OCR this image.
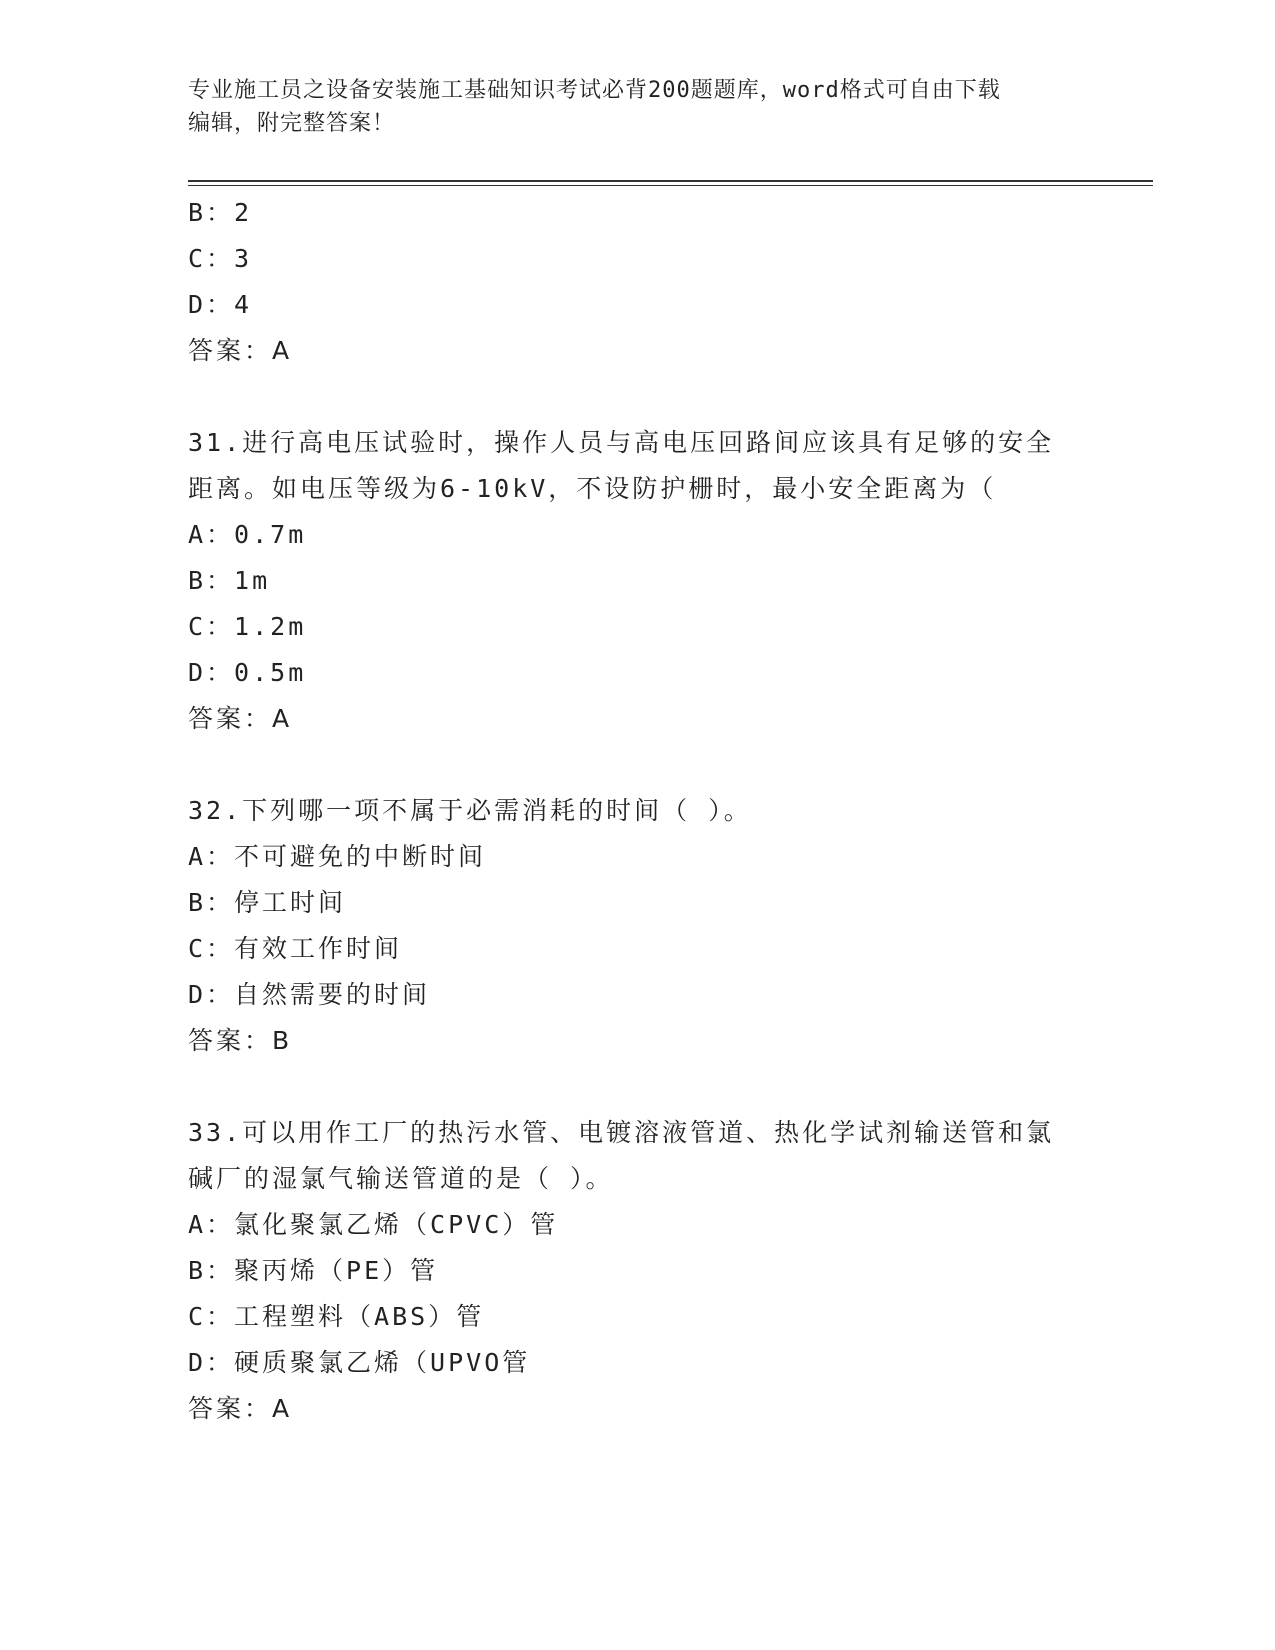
专业施工员之设备安装施工基础知识考试必背200题题库，word格式可自由下载
编辑，附完整答案！
B：2
C：3
D：4
答案：A
31.进行高电压试验时，操作人员与高电压回路间应该具有足够的安全
距离。如电压等级为6-10kV，不设防护栅时，最小安全距离为（
A：0.7m
B：1m
C：1.2m
D：0.5m
答案：A
32.下列哪一项不属于必需消耗的时间（ ）。
A：不可避免的中断时间
B：停工时间
C：有效工作时间
D：自然需要的时间
答案：B
33.可以用作工厂的热污水管、电镀溶液管道、热化学试剂输送管和氯
碱厂的湿氯气输送管道的是（ ）。
A：氯化聚氯乙烯（CPVC）管
B：聚丙烯（PE）管
C：工程塑料（ABS）管
D：硬质聚氯乙烯（UPVO管
答案：A
